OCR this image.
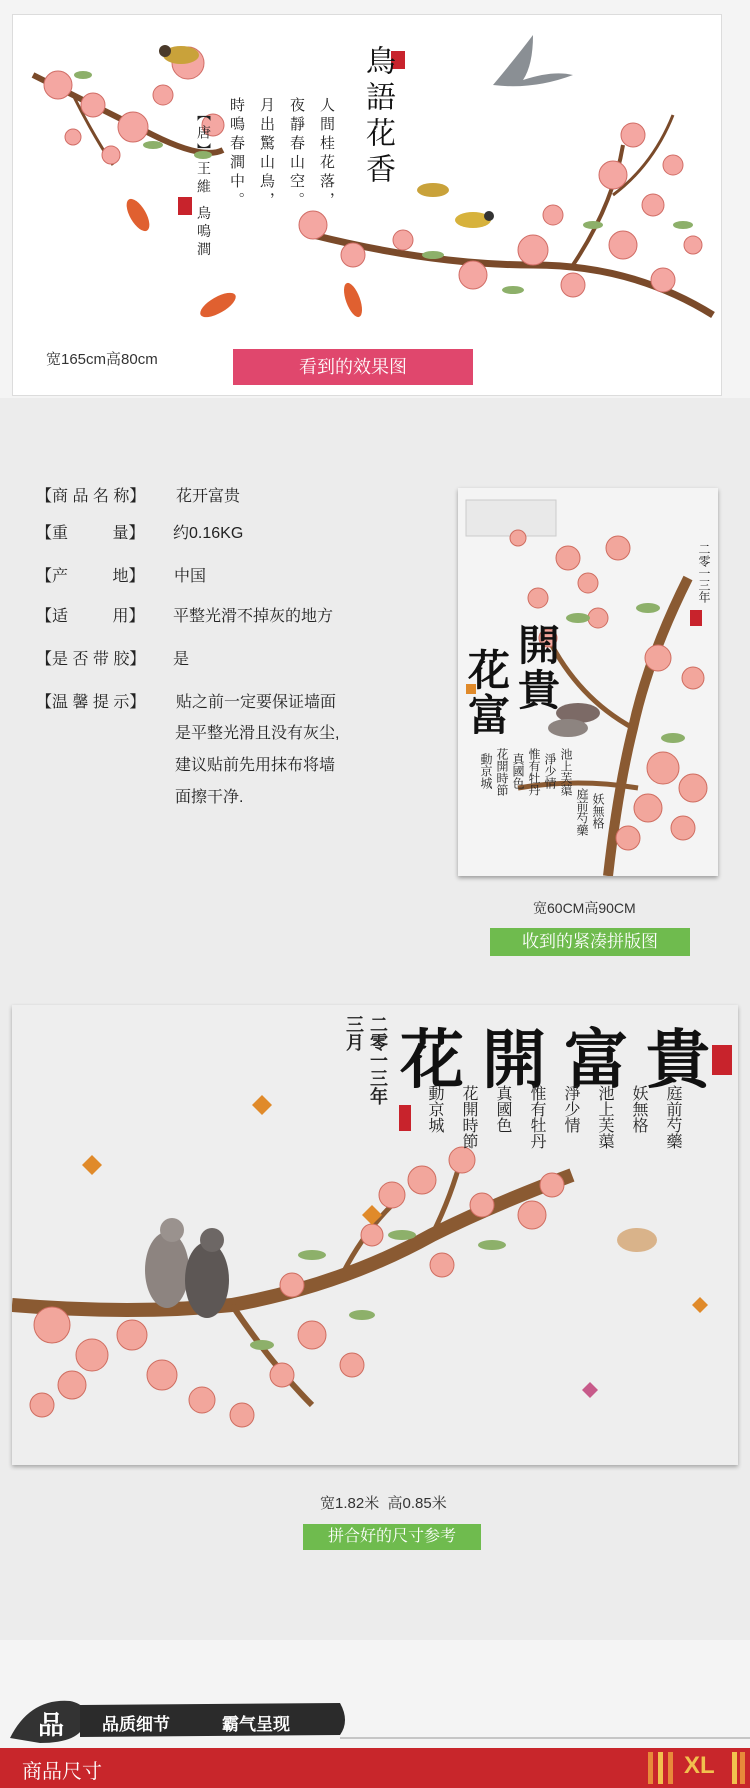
鳥語花香
人間桂花落，
夜靜春山空。
月出驚山鳥，
時鳴春澗中。
【唐】王維 鳥鳴澗
宽165cm高80cm	看到的效果图
【商 品 名 称】 花开富贵
【重          量】 约0.16KG
【产          地】 中国
【适          用】 平整光滑不掉灰的地方
【是 否 带 胶】 是
【温 馨 提 示】 贴之前一定要保证墙面
是平整光滑且没有灰尘,
建议贴前先用抹布将墙
面擦干净.
開
貴
花
富
二零一三年
池上芙蕖
淨少情
惟有牡丹
真國色
花開時節
動京城
庭前芍藥 妖無格
宽60CM高90CM
收到的紧凑拼版图
花開富貴
二零一三年
三月
庭前芍藥
妖無格
池上芙蕖
淨少情
惟有牡丹
真國色
花開時節
動京城
宽1.82米  高0.85米
拼合好的尺寸参考
品 品质细节	霸气呈现
商品尺寸	XL
